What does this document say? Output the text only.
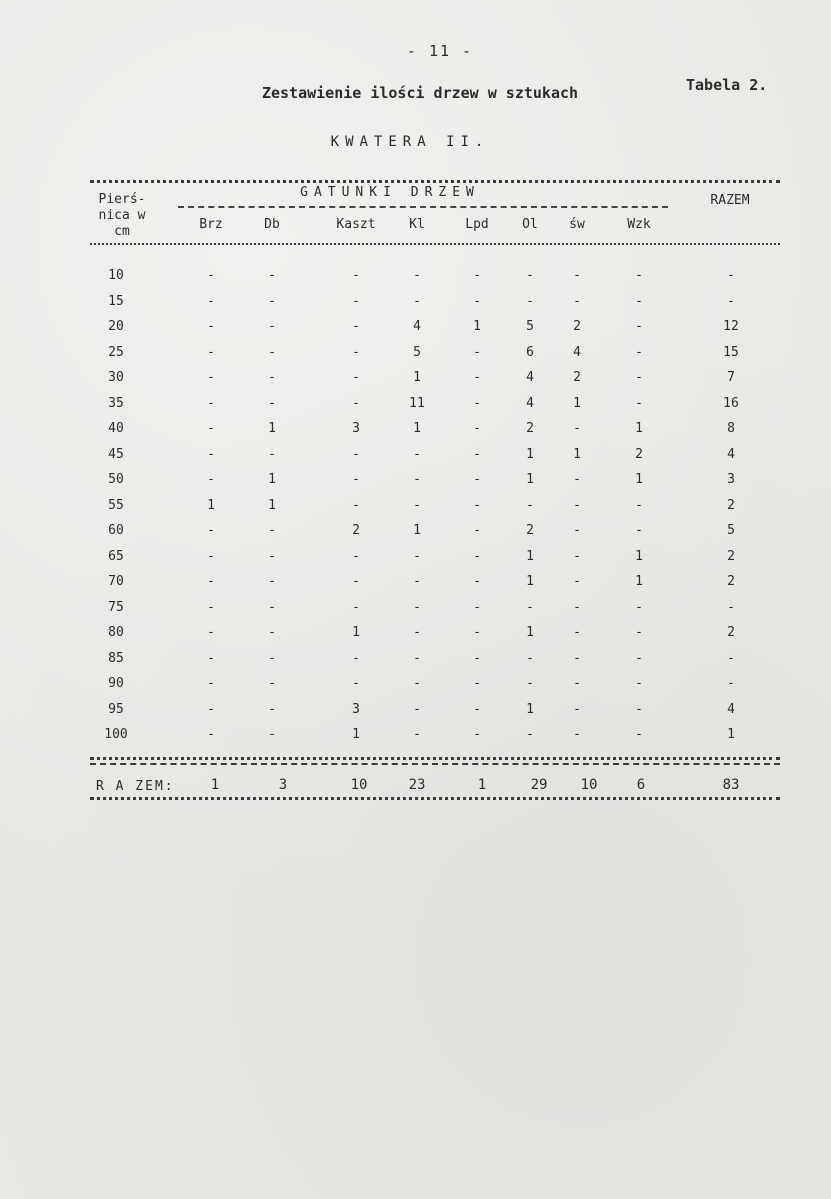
- 11 -
Tabela 2.
Zestawienie ilości drzew w sztukach
KWATERA II.
Pierś-
nica w
cm
GATUNKI DRZEW
RAZEM
Brz	Db	Kaszt	Kl	Lpd	Ol	św	Wzk
10	-	-	-	-	-	-	-	-	-
15	-	-	-	-	-	-	-	-	-
20	-	-	-	4	1	5	2	-	12
25	-	-	-	5	-	6	4	-	15
30	-	-	-	1	-	4	2	-	7
35	-	-	-	11	-	4	1	-	16
40	-	1	3	1	-	2	-	1	8
45	-	-	-	-	-	1	1	2	4
50	-	1	-	-	-	1	-	1	3
55	1	1	-	-	-	-	-	-	2
60	-	-	2	1	-	2	-	-	5
65	-	-	-	-	-	1	-	1	2
70	-	-	-	-	-	1	-	1	2
75	-	-	-	-	-	-	-	-	-
80	-	-	1	-	-	1	-	-	2
85	-	-	-	-	-	-	-	-	-
90	-	-	-	-	-	-	-	-	-
95	-	-	3	-	-	1	-	-	4
100	-	-	1	-	-	-	-	-	1
R A ZEM:	1	3	10	23	1	29	10	6	83
